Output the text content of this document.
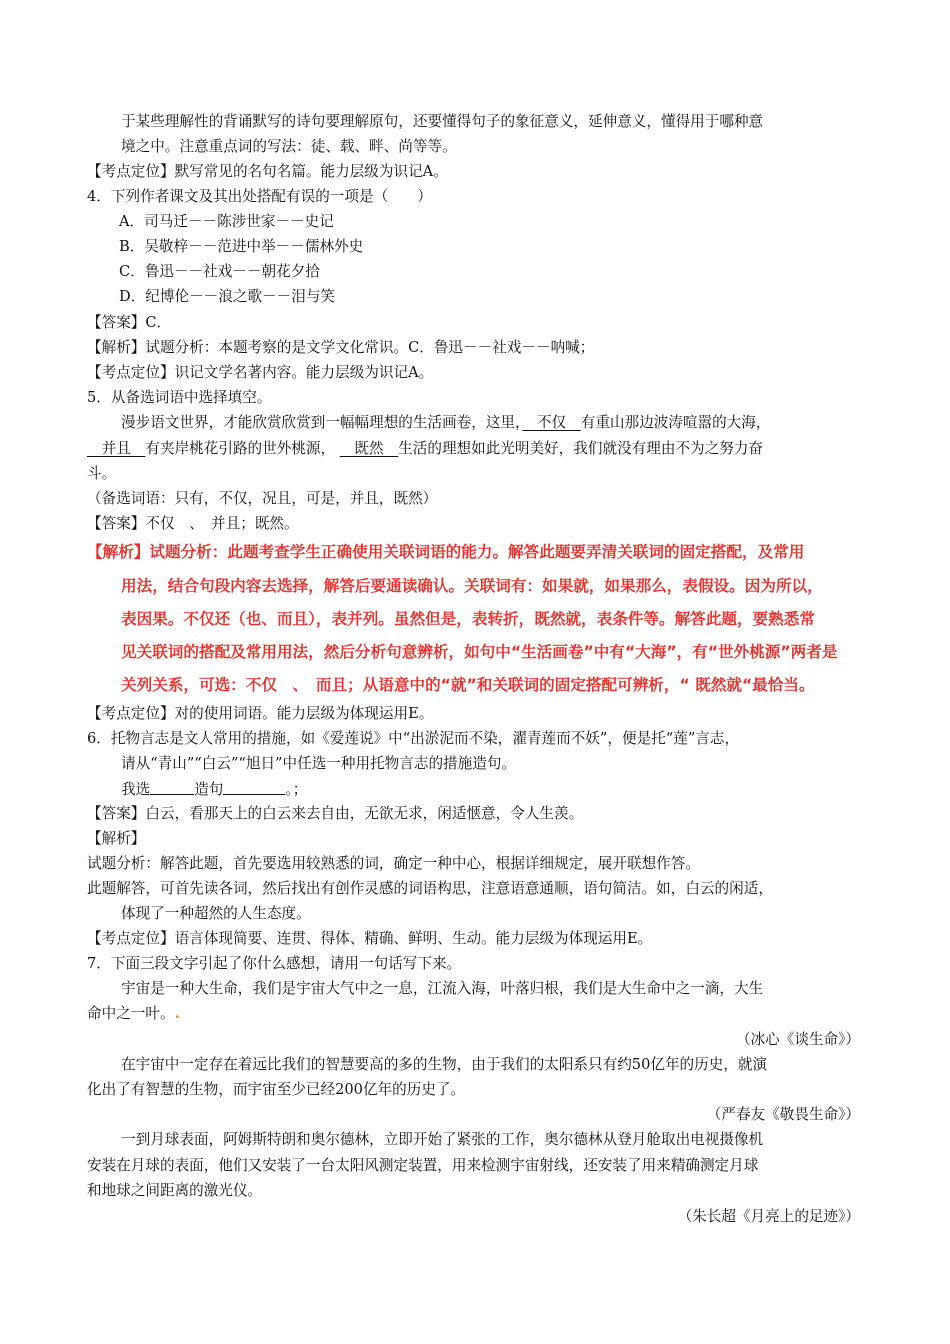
于某些理解性的背诵默写的诗句要理解原句，还要懂得句子的象征意义，延伸意义，懂得用于哪种意
境之中。注意重点词的写法：徒、载、畔、尚等等。
【考点定位】默写常见的名句名篇。能力层级为识记A。
4．下列作者课文及其出处搭配有误的一项是（　　）
A．司马迁－－陈涉世家－－史记
B．吴敬梓－－范进中举－－儒林外史
C．鲁迅－－社戏－－朝花夕拾
D．纪博伦－－浪之歌－－泪与笑
【答案】C．
【解析】试题分析：本题考察的是文学文化常识。C．鲁迅－－社戏－－呐喊；
【考点定位】识记文学名著内容。能力层级为识记A。
5．从备选词语中选择填空。
漫步语文世界，才能欣赏欣赏到一幅幅理想的生活画卷，这里，　不仅　有重山那边波涛喧嚣的大海，
　并且　有夹岸桃花引路的世外桃源， 　既然　生活的理想如此光明美好，我们就没有理由不为之努力奋
斗。
（备选词语：只有，不仅，况且，可是，并且，既然）
【答案】不仅　、　并且；既然。
【解析】试题分析：此题考查学生正确使用关联词语的能力。解答此题要弄清关联词的固定搭配，及常用
用法，结合句段内容去选择，解答后要通读确认。关联词有：如果就，如果那么，表假设。因为所以，
表因果。不仅还（也、而且），表并列。虽然但是，表转折，既然就，表条件等。解答此题，要熟悉常
见关联词的搭配及常用用法，然后分析句意辨析，如句中“生活画卷”中有“大海”，有“世外桃源”两者是
关列关系，可选：不仅　、　而且；从语意中的“就”和关联词的固定搭配可辨析，“ 既然就“最恰当。
【考点定位】对的使用词语。能力层级为体现运用E。
6．托物言志是文人常用的措施，如《爱莲说》中“出淤泥而不染，濯青莲而不妖”，便是托“莲”言志，
请从“青山”“白云”“旭日”中任选一种用托物言志的措施造句。
我选	造句	。；
【答案】白云，看那天上的白云来去自由，无欲无求，闲适惬意，令人生羡。
【解析】
试题分析：解答此题，首先要选用较熟悉的词，确定一种中心，根据详细规定，展开联想作答。
此题解答，可首先读各词，然后找出有创作灵感的词语构思，注意语意通顺，语句简洁。如，白云的闲适，
体现了一种超然的人生态度。
【考点定位】语言体现简要、连贯、得体、精确、鲜明、生动。能力层级为体现运用E。
7．下面三段文字引起了你什么感想，请用一句话写下来。
宇宙是一种大生命，我们是宇宙大气中之一息，江流入海，叶落归根，我们是大生命中之一滴，大生
命中之一叶。.
（冰心《谈生命》）
在宇宙中一定存在着远比我们的智慧要高的多的生物，由于我们的太阳系只有约50亿年的历史，就演
化出了有智慧的生物，而宇宙至少已经200亿年的历史了。
（严春友《敬畏生命》）
一到月球表面，阿姆斯特朗和奥尔德林，立即开始了紧张的工作，奥尔德林从登月舱取出电视摄像机
安装在月球的表面，他们又安装了一台太阳风测定装置，用来检测宇宙射线，还安装了用来精确测定月球
和地球之间距离的激光仪。
（朱长超《月亮上的足迹》）
